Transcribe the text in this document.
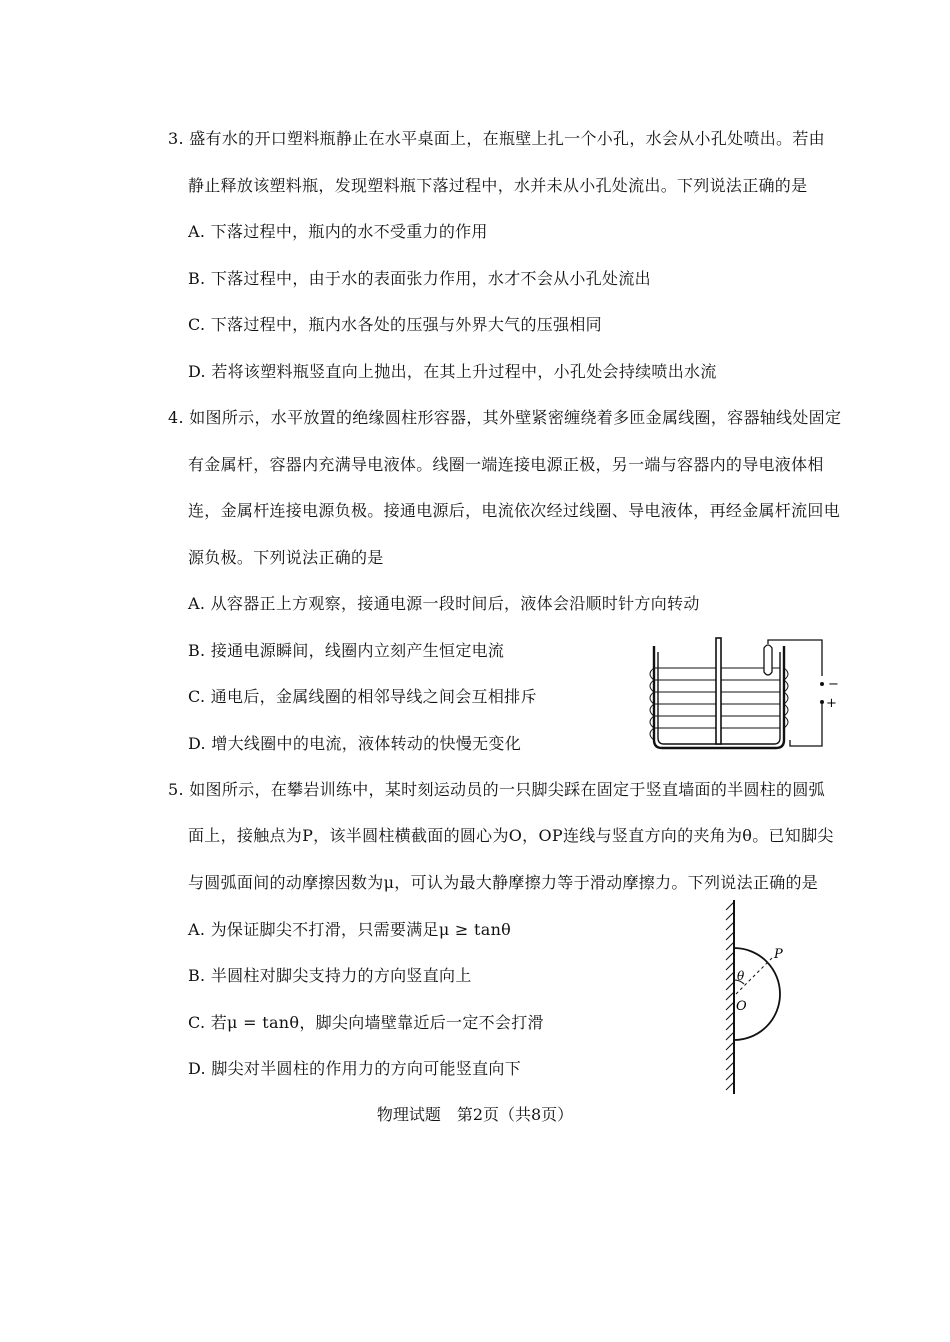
3. 盛有水的开口塑料瓶静止在水平桌面上，在瓶壁上扎一个小孔，水会从小孔处喷出。若由
静止释放该塑料瓶，发现塑料瓶下落过程中，水并未从小孔处流出。下列说法正确的是
A. 下落过程中，瓶内的水不受重力的作用
B. 下落过程中，由于水的表面张力作用，水才不会从小孔处流出
C. 下落过程中，瓶内水各处的压强与外界大气的压强相同
D. 若将该塑料瓶竖直向上抛出，在其上升过程中，小孔处会持续喷出水流
4. 如图所示，水平放置的绝缘圆柱形容器，其外壁紧密缠绕着多匝金属线圈，容器轴线处固定
有金属杆，容器内充满导电液体。线圈一端连接电源正极，另一端与容器内的导电液体相
连，金属杆连接电源负极。接通电源后，电流依次经过线圈、导电液体，再经金属杆流回电
源负极。下列说法正确的是
A. 从容器正上方观察，接通电源一段时间后，液体会沿顺时针方向转动
B. 接通电源瞬间，线圈内立刻产生恒定电流
C. 通电后，金属线圈的相邻导线之间会互相排斥
D. 增大线圈中的电流，液体转动的快慢无变化
−
+
5. 如图所示，在攀岩训练中，某时刻运动员的一只脚尖踩在固定于竖直墙面的半圆柱的圆弧
面上，接触点为P，该半圆柱横截面的圆心为O，OP连线与竖直方向的夹角为θ。已知脚尖
与圆弧面间的动摩擦因数为μ，可认为最大静摩擦力等于滑动摩擦力。下列说法正确的是
A. 为保证脚尖不打滑，只需要满足μ ≥ tanθ
B. 半圆柱对脚尖支持力的方向竖直向上
C. 若μ = tanθ，脚尖向墙壁靠近后一定不会打滑
D. 脚尖对半圆柱的作用力的方向可能竖直向下
P
O
θ
物理试题　第2页（共8页）
